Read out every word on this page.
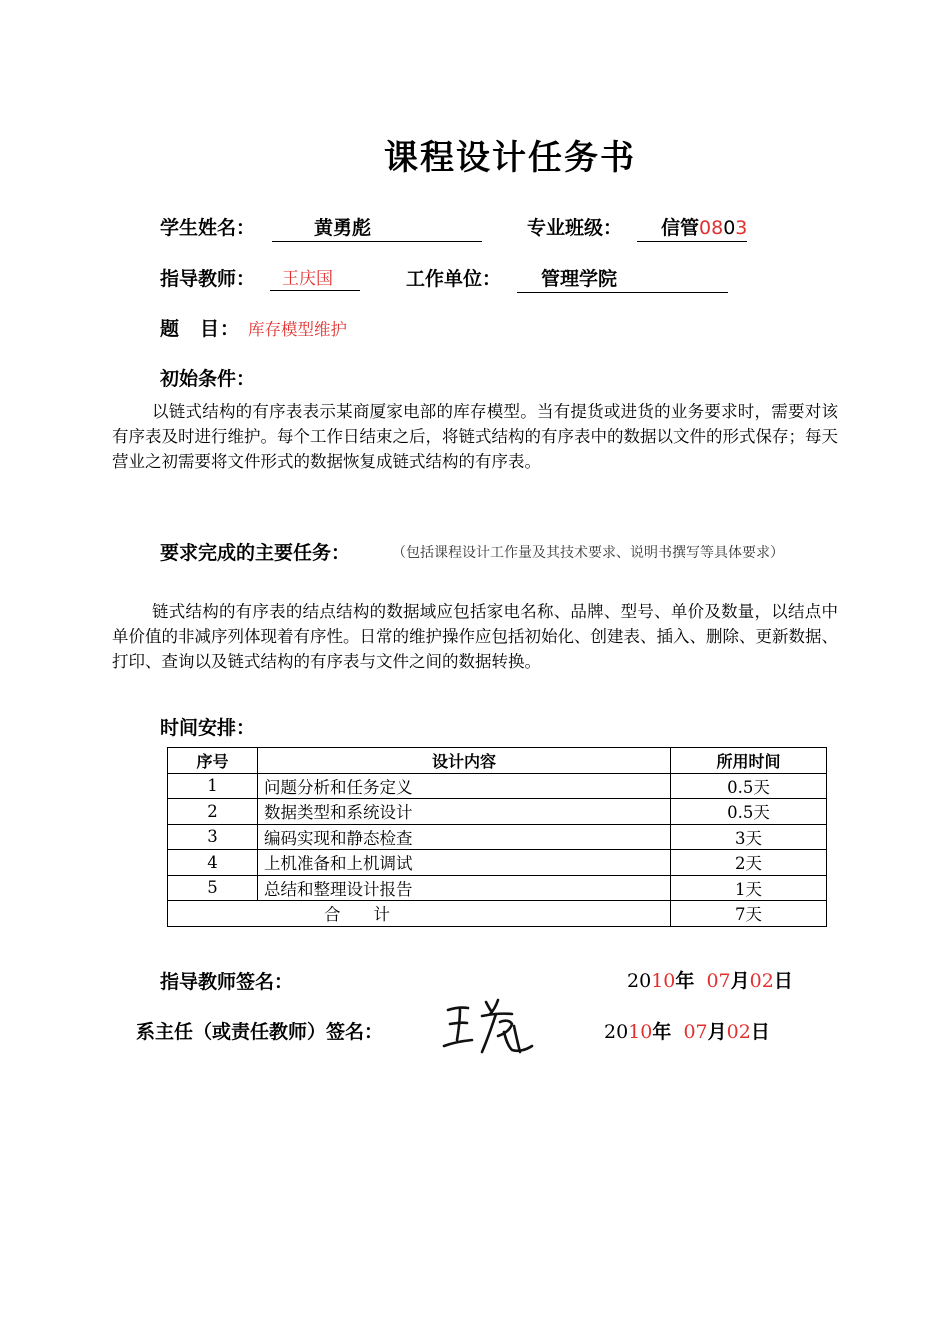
课程设计任务书
学生姓名：	黄勇彪	专业班级：	信管0803
指导教师：	王庆国	工作单位：	管理学院
题　目： 库存模型维护
初始条件：
以链式结构的有序表表示某商厦家电部的库存模型。当有提货或进货的业务要求时，需要对该有序表及时进行维护。每个工作日结束之后，将链式结构的有序表中的数据以文件的形式保存；每天营业之初需要将文件形式的数据恢复成链式结构的有序表。
要求完成的主要任务：	（包括课程设计工作量及其技术要求、说明书撰写等具体要求）
链式结构的有序表的结点结构的数据域应包括家电名称、品牌、型号、单价及数量，以结点中单价值的非减序列体现着有序性。日常的维护操作应包括初始化、创建表、插入、删除、更新数据、打印、查询以及链式结构的有序表与文件之间的数据转换。
时间安排：
序号	设计内容	所用时间
1	问题分析和任务定义	0.5天
2	数据类型和系统设计	0.5天
3	编码实现和静态检查	3天
4	上机准备和上机调试	2天
5	总结和整理设计报告	1天
合　　计		7天
指导教师签名：	2010年 07月02日
系主任（或责任教师）签名：	2010年 07月02日
